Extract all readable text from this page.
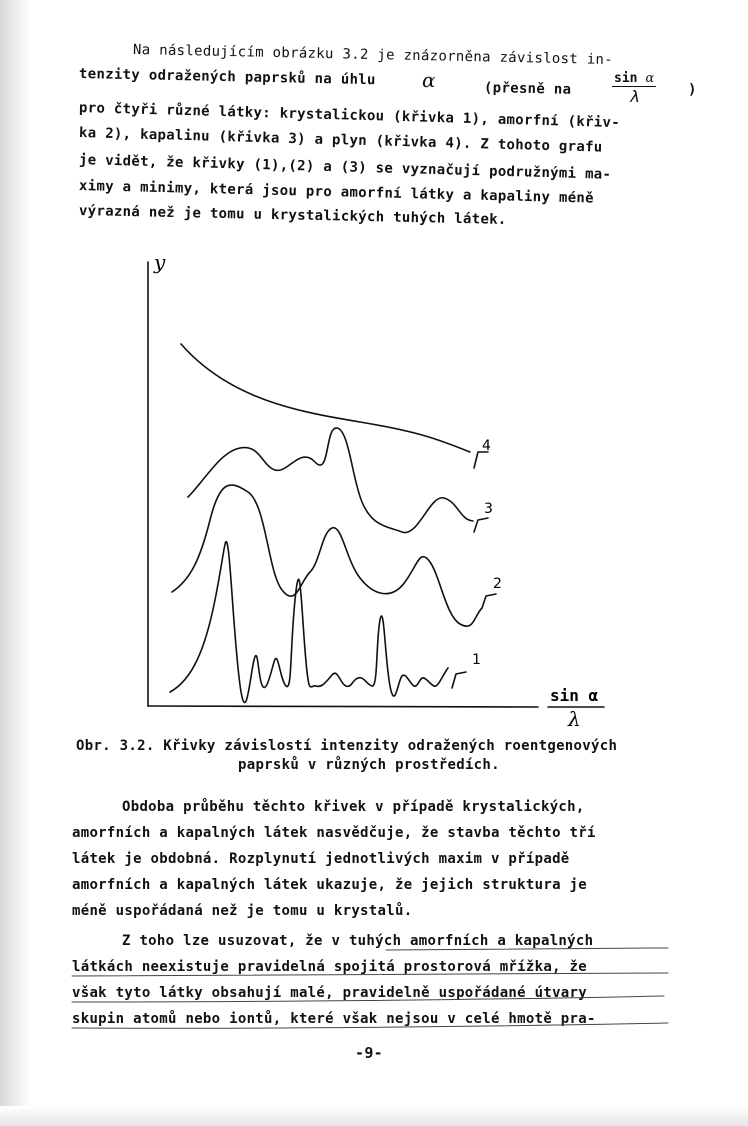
Na následujícím obrázku 3.2 je znázorněna závislost in-
tenzity odražených paprsků na úhlu α	(přesně na
sin α
λ	)
pro čtyři různé látky: krystalickou (křivka 1), amorfní (křiv-
ka 2), kapalinu (křivka 3) a plyn (křivka 4). Z tohoto grafu
je vidět, že křivky (1),(2) a (3) se vyznačují podružnými ma-
ximy a minimy, která jsou pro amorfní látky a kapaliny méně
výrazná než je tomu u krystalických tuhých látek.
y
1
2
3
4
sin α
λ
Obr. 3.2. Křivky závislostí intenzity odražených roentgenových
paprsků v různých prostředích.
Obdoba průběhu těchto křivek v případě krystalických,
amorfních a kapalných látek nasvědčuje, že stavba těchto tří
látek je obdobná. Rozplynutí jednotlivých maxim v případě
amorfních a kapalných látek ukazuje, že jejich struktura je
méně uspořádaná než je tomu u krystalů.
Z toho lze usuzovat, že v tuhých amorfních a kapalných
látkách neexistuje pravidelná spojitá prostorová mřížka, že
však tyto látky obsahují malé, pravidelně uspořádané útvary
skupin atomů nebo iontů, které však nejsou v celé hmotě pra-
-9-
